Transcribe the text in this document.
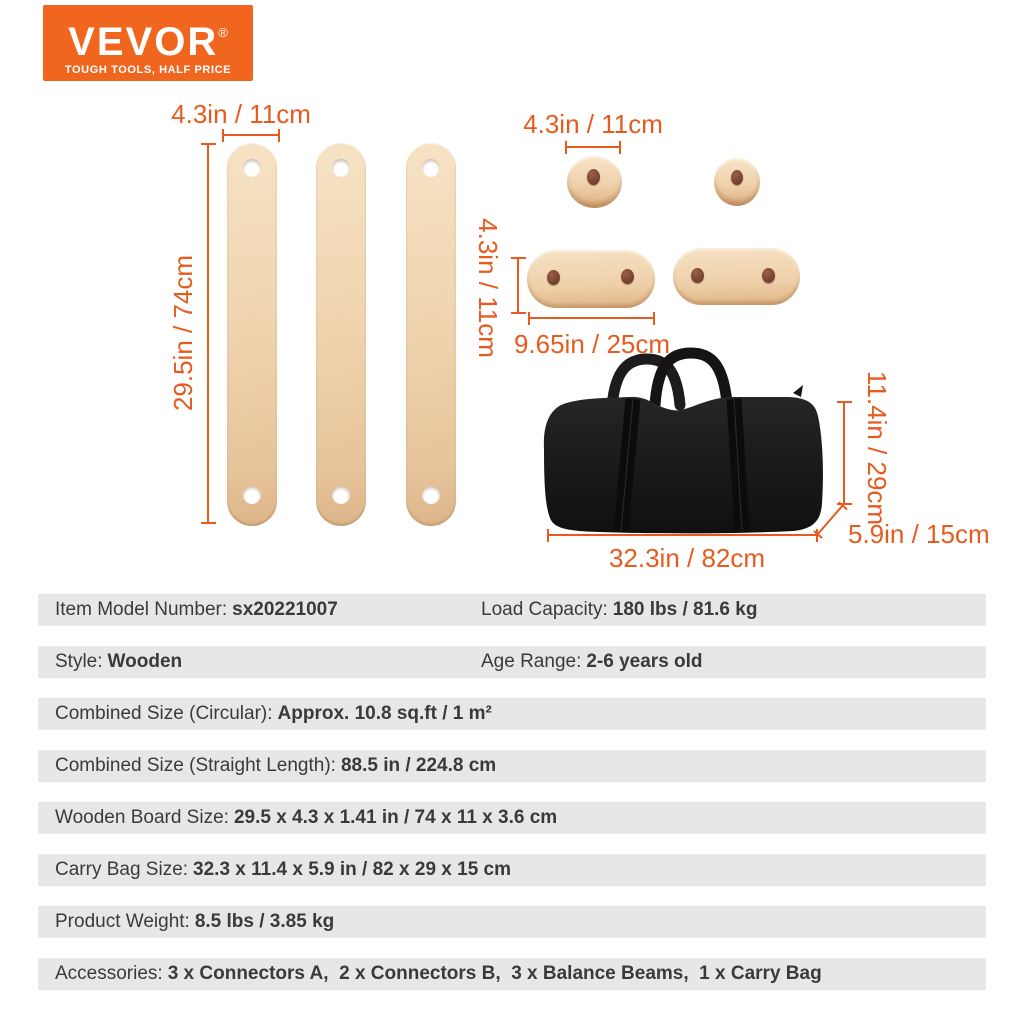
VEVOR®
TOUGH TOOLS, HALF PRICE
4.3in / 11cm
29.5in / 74cm
4.3in / 11cm
4.3in / 11cm 9.65in / 25cm
11.4in / 29cm
5.9in / 15cm
32.3in / 82cm
Item Model Number: sx20221007	Load Capacity: 180 lbs / 81.6 kg
Style: Wooden	Age Range: 2-6 years old
Combined Size (Circular): Approx. 10.8 sq.ft / 1 m²
Combined Size (Straight Length): 88.5 in / 224.8 cm
Wooden Board Size: 29.5 x 4.3 x 1.41 in / 74 x 11 x 3.6 cm
Carry Bag Size: 32.3 x 11.4 x 5.9 in / 82 x 29 x 15 cm
Product Weight: 8.5 lbs / 3.85 kg
Accessories: 3 x Connectors A,  2 x Connectors B,  3 x Balance Beams,  1 x Carry Bag
